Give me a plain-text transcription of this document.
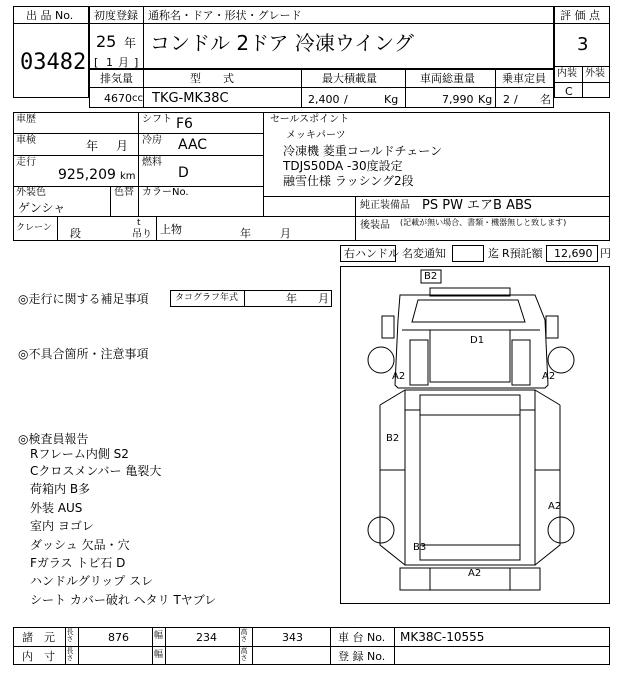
出 品 No.
03482
初度登録 通称名・ドア・形状・グレード
25 年
[ 1 月 ]
コンドル 2ドア 冷凍ウイング
評 価 点
3
内装 外装
C
排気量	型　　式	最大積載量	車両総重量 乗車定員
4670 cc TKG-MK38C	2,400 /	Kg	7,990 Kg 2 / 名
車歴	シフト F6
車検	年 月 冷房 AAC
走行
925,209 km
燃料
D
外装色
ゲンシャ
色替 カラーNo.
セールスポイント
メッキパーツ
冷凍機 菱重コールドチェーン
TDJS50DA -30度設定
融雪仕様 ラッシング2段
純正装備品 PS PW エアB ABS
後装品 (記載が無い場合、書類・機器無しと致します)
クレーン 段
t
吊り 上物	年	月
右ハンドル 名変通知	迄 R預託額 12,690 円
◎走行に関する補足事項	タコグラフ年式	年 月
◎不具合箇所・注意事項
◎検査員報告
Rフレーム内側 S2
Cクロスメンバー 亀裂大
荷箱内 B多
外装 AUS
室内 ヨゴレ
ダッシュ 欠品・穴
Fガラス トビ石 D
ハンドルグリップ スレ
シート カバー破れ ヘタリ Tヤブレ
B2
D1
A2	A2
B2
A2
B3
A2
諸　元 長さ	876	幅	234	高さ	343	車 台 No. MK38C-10555
内　寸 長さ	幅	高さ	登 録 No.
